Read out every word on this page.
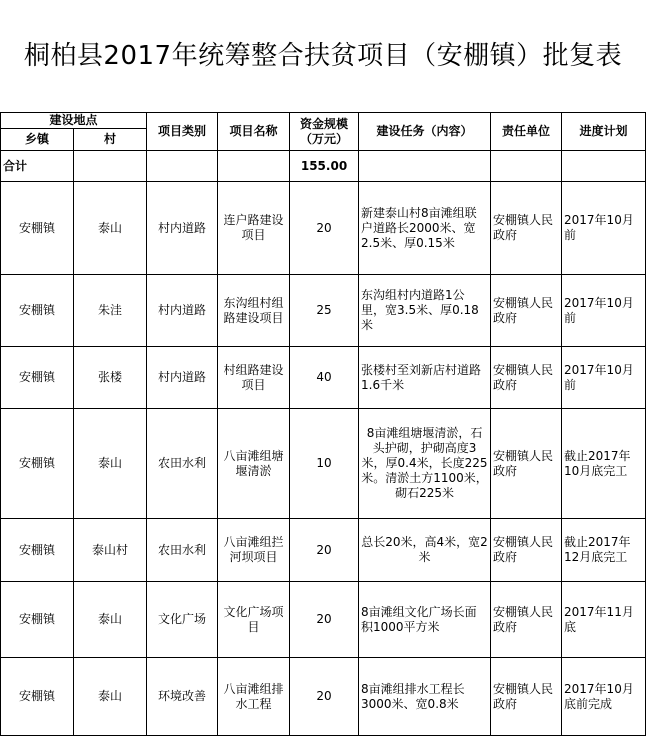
桐柏县2017年统筹整合扶贫项目（安棚镇）批复表
建设地点		项目类别	项目名称	资金规模（万元）	建设任务（内容）	责任单位	进度计划
乡镇	村						
合计				155.00			
安棚镇	泰山	村内道路	连户路建设项目	20	新建泰山村8亩滩组联户道路长2000米、宽2.5米、厚0.15米	安棚镇人民政府	2017年10月前
安棚镇	朱洼	村内道路	东沟组村组路建设项目	25	东沟组村内道路1公里，宽3.5米、厚0.18米	安棚镇人民政府	2017年10月前
安棚镇	张楼	村内道路	村组路建设项目	40	张楼村至刘新店村道路1.6千米	安棚镇人民政府	2017年10月前
安棚镇	泰山	农田水利	八亩滩组塘堰清淤	10	8亩滩组塘堰清淤，石头护砌，护砌高度3米，厚0.4米，长度225米。清淤土方1100米，砌石225米	安棚镇人民政府	截止2017年10月底完工
安棚镇	泰山村	农田水利	八亩滩组拦河坝项目	20	总长20米，高4米，宽2米	安棚镇人民政府	截止2017年12月底完工
安棚镇	泰山	文化广场	文化广场项目	20	8亩滩组文化广场长面积1000平方米	安棚镇人民政府	2017年11月底
安棚镇	泰山	环境改善	八亩滩组排水工程	20	8亩滩组排水工程长3000米、宽0.8米	安棚镇人民政府	2017年10月底前完成
